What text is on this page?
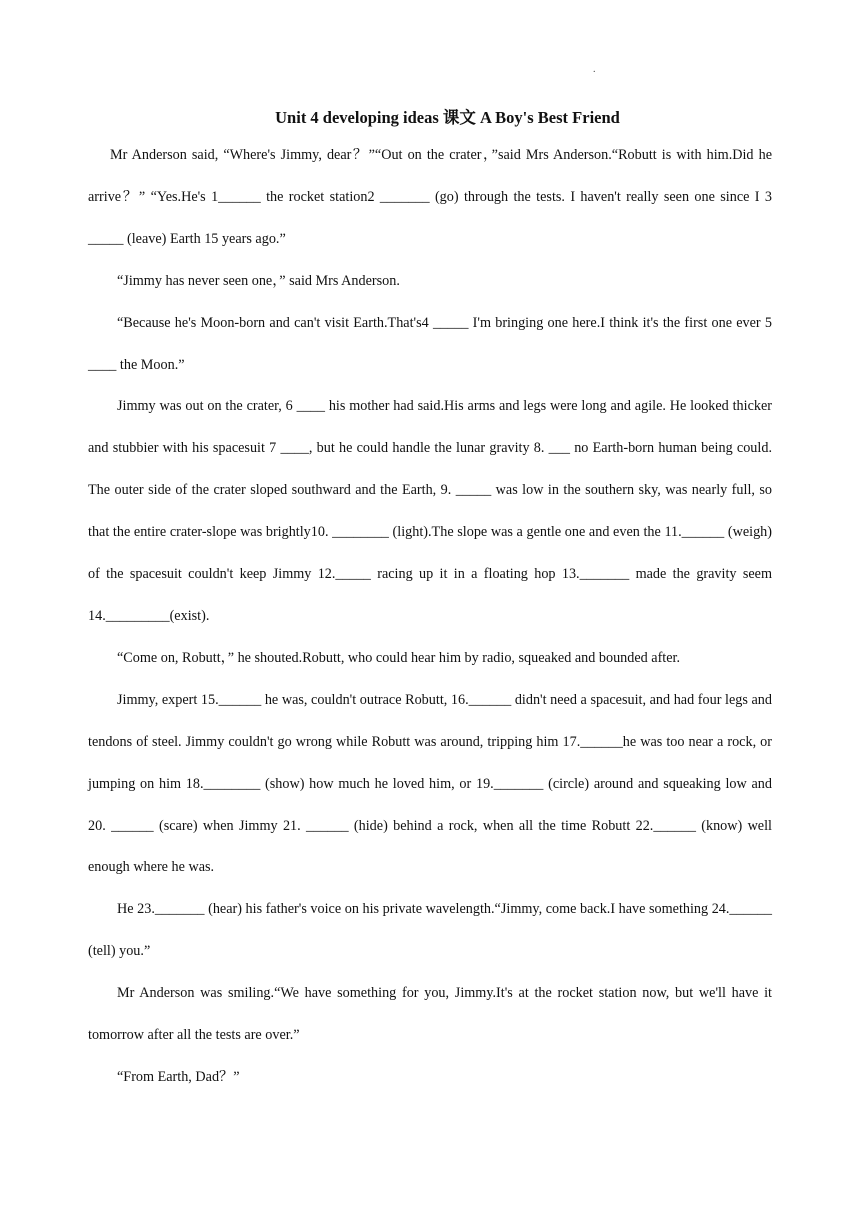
.
Unit 4 developing ideas 课文 A Boy's Best Friend

Mr Anderson said, “Where's Jimmy, dear？”“Out on the crater，”said Mrs Anderson.“Robutt is with him.Did he arrive？” “Yes.He's 1______ the rocket station2 _______ (go) through the tests. I haven't really seen one since I 3 _____ (leave) Earth 15 years ago.”

“Jimmy has never seen one，” said Mrs Anderson.

“Because he's Moon-born and can't visit Earth.That's4 _____ I'm bringing one here.I think it's the first one ever 5 ____ the Moon.”

Jimmy was out on the crater, 6 ____ his mother had said.His arms and legs were long and agile. He looked thicker and stubbier with his spacesuit 7 ____, but he could handle the lunar gravity 8. ___ no Earth-born human being could. The outer side of the crater sloped southward and the Earth, 9. _____ was low in the southern sky, was nearly full, so that the entire crater-slope was brightly10. ________ (light).The slope was a gentle one and even the 11.______ (weigh) of the spacesuit couldn't keep Jimmy 12._____ racing up it in a floating hop 13._______ made the gravity seem 14._________(exist).

“Come on, Robutt，” he shouted.Robutt, who could hear him by radio, squeaked and bounded after.

Jimmy, expert 15.______ he was, couldn't outrace Robutt, 16.______ didn't need a spacesuit, and had four legs and tendons of steel. Jimmy couldn't go wrong while Robutt was around, tripping him 17.______he was too near a rock, or jumping on him 18.________ (show) how much he loved him, or 19._______ (circle) around and squeaking low and 20. ______ (scare) when Jimmy 21. ______ (hide) behind a rock, when all the time Robutt 22.______ (know) well enough where he was.

He 23._______ (hear) his father's voice on his private wavelength.“Jimmy, come back.I have something 24.______ (tell) you.”

Mr Anderson was smiling.“We have something for you, Jimmy.It's at the rocket station now, but we'll have it tomorrow after all the tests are over.”

“From Earth, Dad？”
